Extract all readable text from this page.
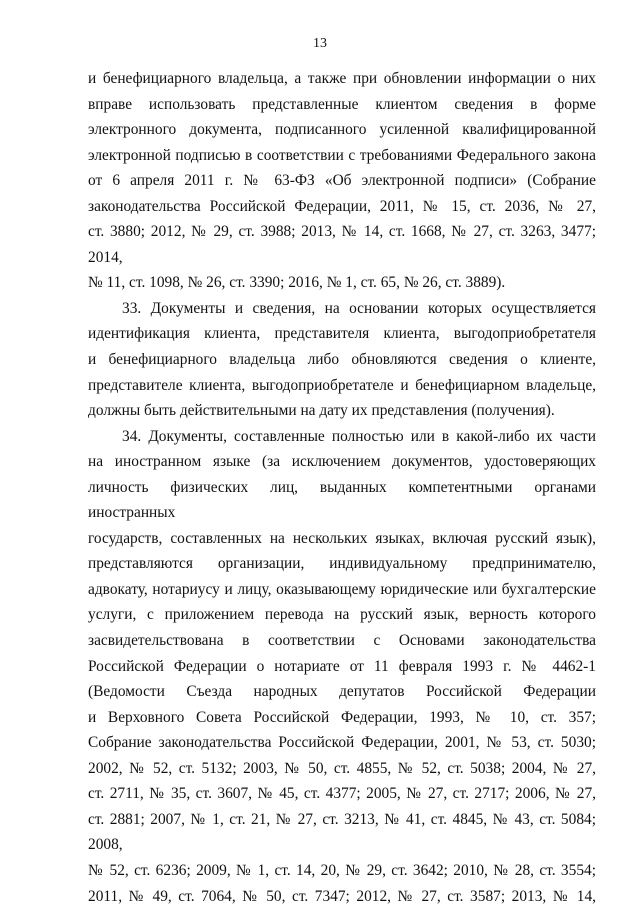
13
и бенефициарного владельца, а также при обновлении информации о них
вправе использовать представленные клиентом сведения в форме
электронного документа, подписанного усиленной квалифицированной
электронной подписью в соответствии с требованиями Федерального закона
от 6 апреля 2011 г. № 63-ФЗ «Об электронной подписи» (Собрание
законодательства Российской Федерации, 2011, № 15, ст. 2036, № 27,
ст. 3880; 2012, № 29, ст. 3988; 2013, № 14, ст. 1668, № 27, ст. 3263, 3477; 2014,
№ 11, ст. 1098, № 26, ст. 3390; 2016, № 1, ст. 65, № 26, ст. 3889).
33. Документы и сведения, на основании которых осуществляется
идентификация клиента, представителя клиента, выгодоприобретателя
и бенефициарного владельца либо обновляются сведения о клиенте,
представителе клиента, выгодоприобретателе и бенефициарном владельце,
должны быть действительными на дату их представления (получения).
34. Документы, составленные полностью или в какой-либо их части
на иностранном языке (за исключением документов, удостоверяющих
личность физических лиц, выданных компетентными органами иностранных
государств, составленных на нескольких языках, включая русский язык),
представляются организации, индивидуальному предпринимателю,
адвокату, нотариусу и лицу, оказывающему юридические или бухгалтерские
услуги, с приложением перевода на русский язык, верность которого
засвидетельствована в соответствии с Основами законодательства
Российской Федерации о нотариате от 11 февраля 1993 г. № 4462-1
(Ведомости Съезда народных депутатов Российской Федерации
и Верховного Совета Российской Федерации, 1993, № 10, ст. 357;
Собрание законодательства Российской Федерации, 2001, № 53, ст. 5030;
2002, № 52, ст. 5132; 2003, № 50, ст. 4855, № 52, ст. 5038; 2004, № 27,
ст. 2711, № 35, ст. 3607, № 45, ст. 4377; 2005, № 27, ст. 2717; 2006, № 27,
ст. 2881; 2007, № 1, ст. 21, № 27, ст. 3213, № 41, ст. 4845, № 43, ст. 5084; 2008,
№ 52, ст. 6236; 2009, № 1, ст. 14, 20, № 29, ст. 3642; 2010, № 28, ст. 3554;
2011, № 49, ст. 7064, № 50, ст. 7347; 2012, № 27, ст. 3587; 2013, № 14,
